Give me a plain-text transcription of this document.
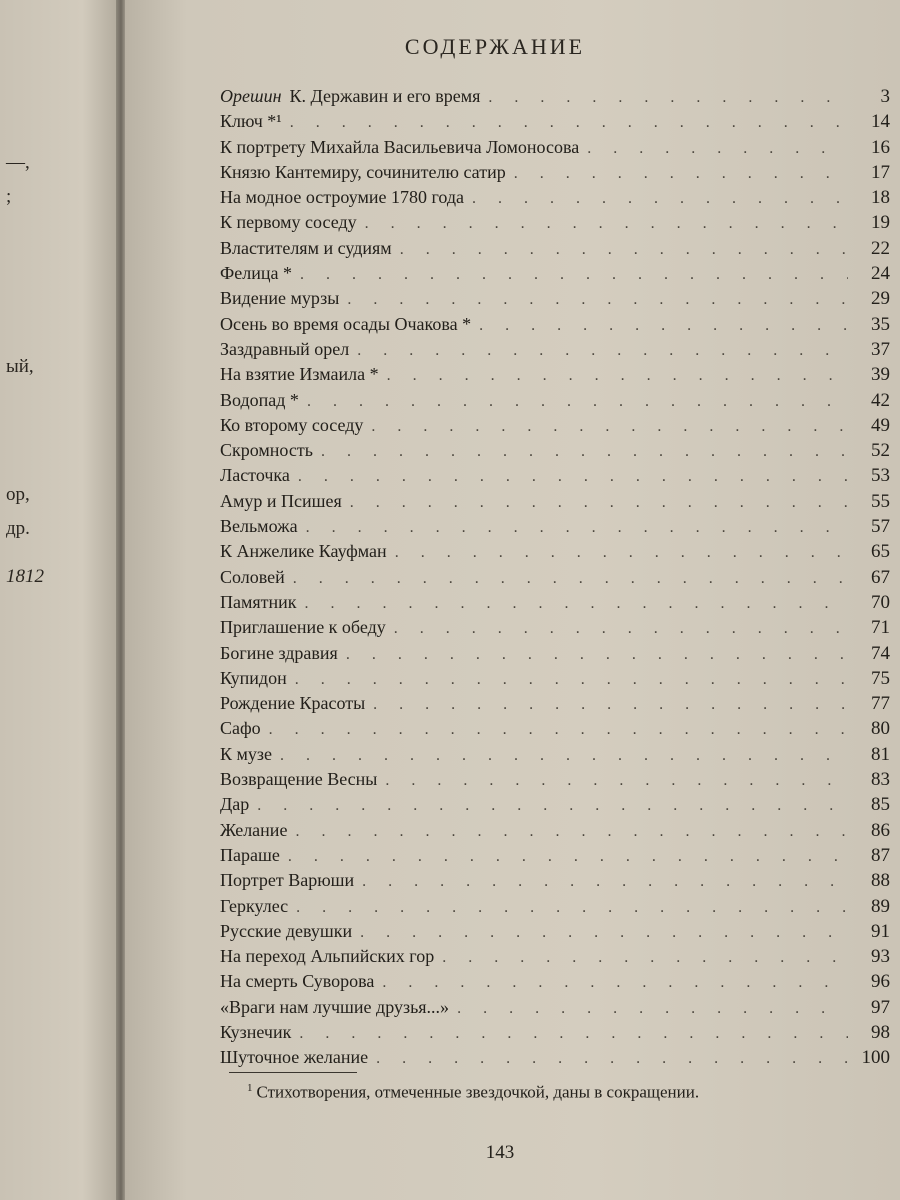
—,
;
ый,
ор,
др.
1812
СОДЕРЖАНИЕ
Орешин К. Державин и его время . . .	3
Ключ *¹ . . .	14
К портрету Михайла Васильевича Ломоносова . . .	16
Князю Кантемиру, сочинителю сатир . . .	17
На модное остроумие 1780 года . . .	18
К первому соседу . . .	19
Властителям и судиям . . .	22
Фелица * . . .	24
Видение мурзы . . .	29
Осень во время осады Очакова * . . .	35
Заздравный орел . . .	37
На взятие Измаила * . . .	39
Водопад * . . .	42
Ко второму соседу . . .	49
Скромность . . .	52
Ласточка . . .	53
Амур и Псишея . . .	55
Вельможа . . .	57
К Анжелике Кауфман . . .	65
Соловей . . .	67
Памятник . . .	70
Приглашение к обеду . . .	71
Богине здравия . . .	74
Купидон . . .	75
Рождение Красоты . . .	77
Сафо . . .	80
К музе . . .	81
Возвращение Весны . . .	83
Дар . . .	85
Желание . . .	86
Параше . . .	87
Портрет Варюши . . .	88
Геркулес . . .	89
Русские девушки . . .	91
На переход Альпийских гор . . .	93
На смерть Суворова . . .	96
«Враги нам лучшие друзья...» . . .	97
Кузнечик . . .	98
Шуточное желание . . .	100
$^1$ Стихотворения, отмеченные звездочкой, даны в сокращении.
143
